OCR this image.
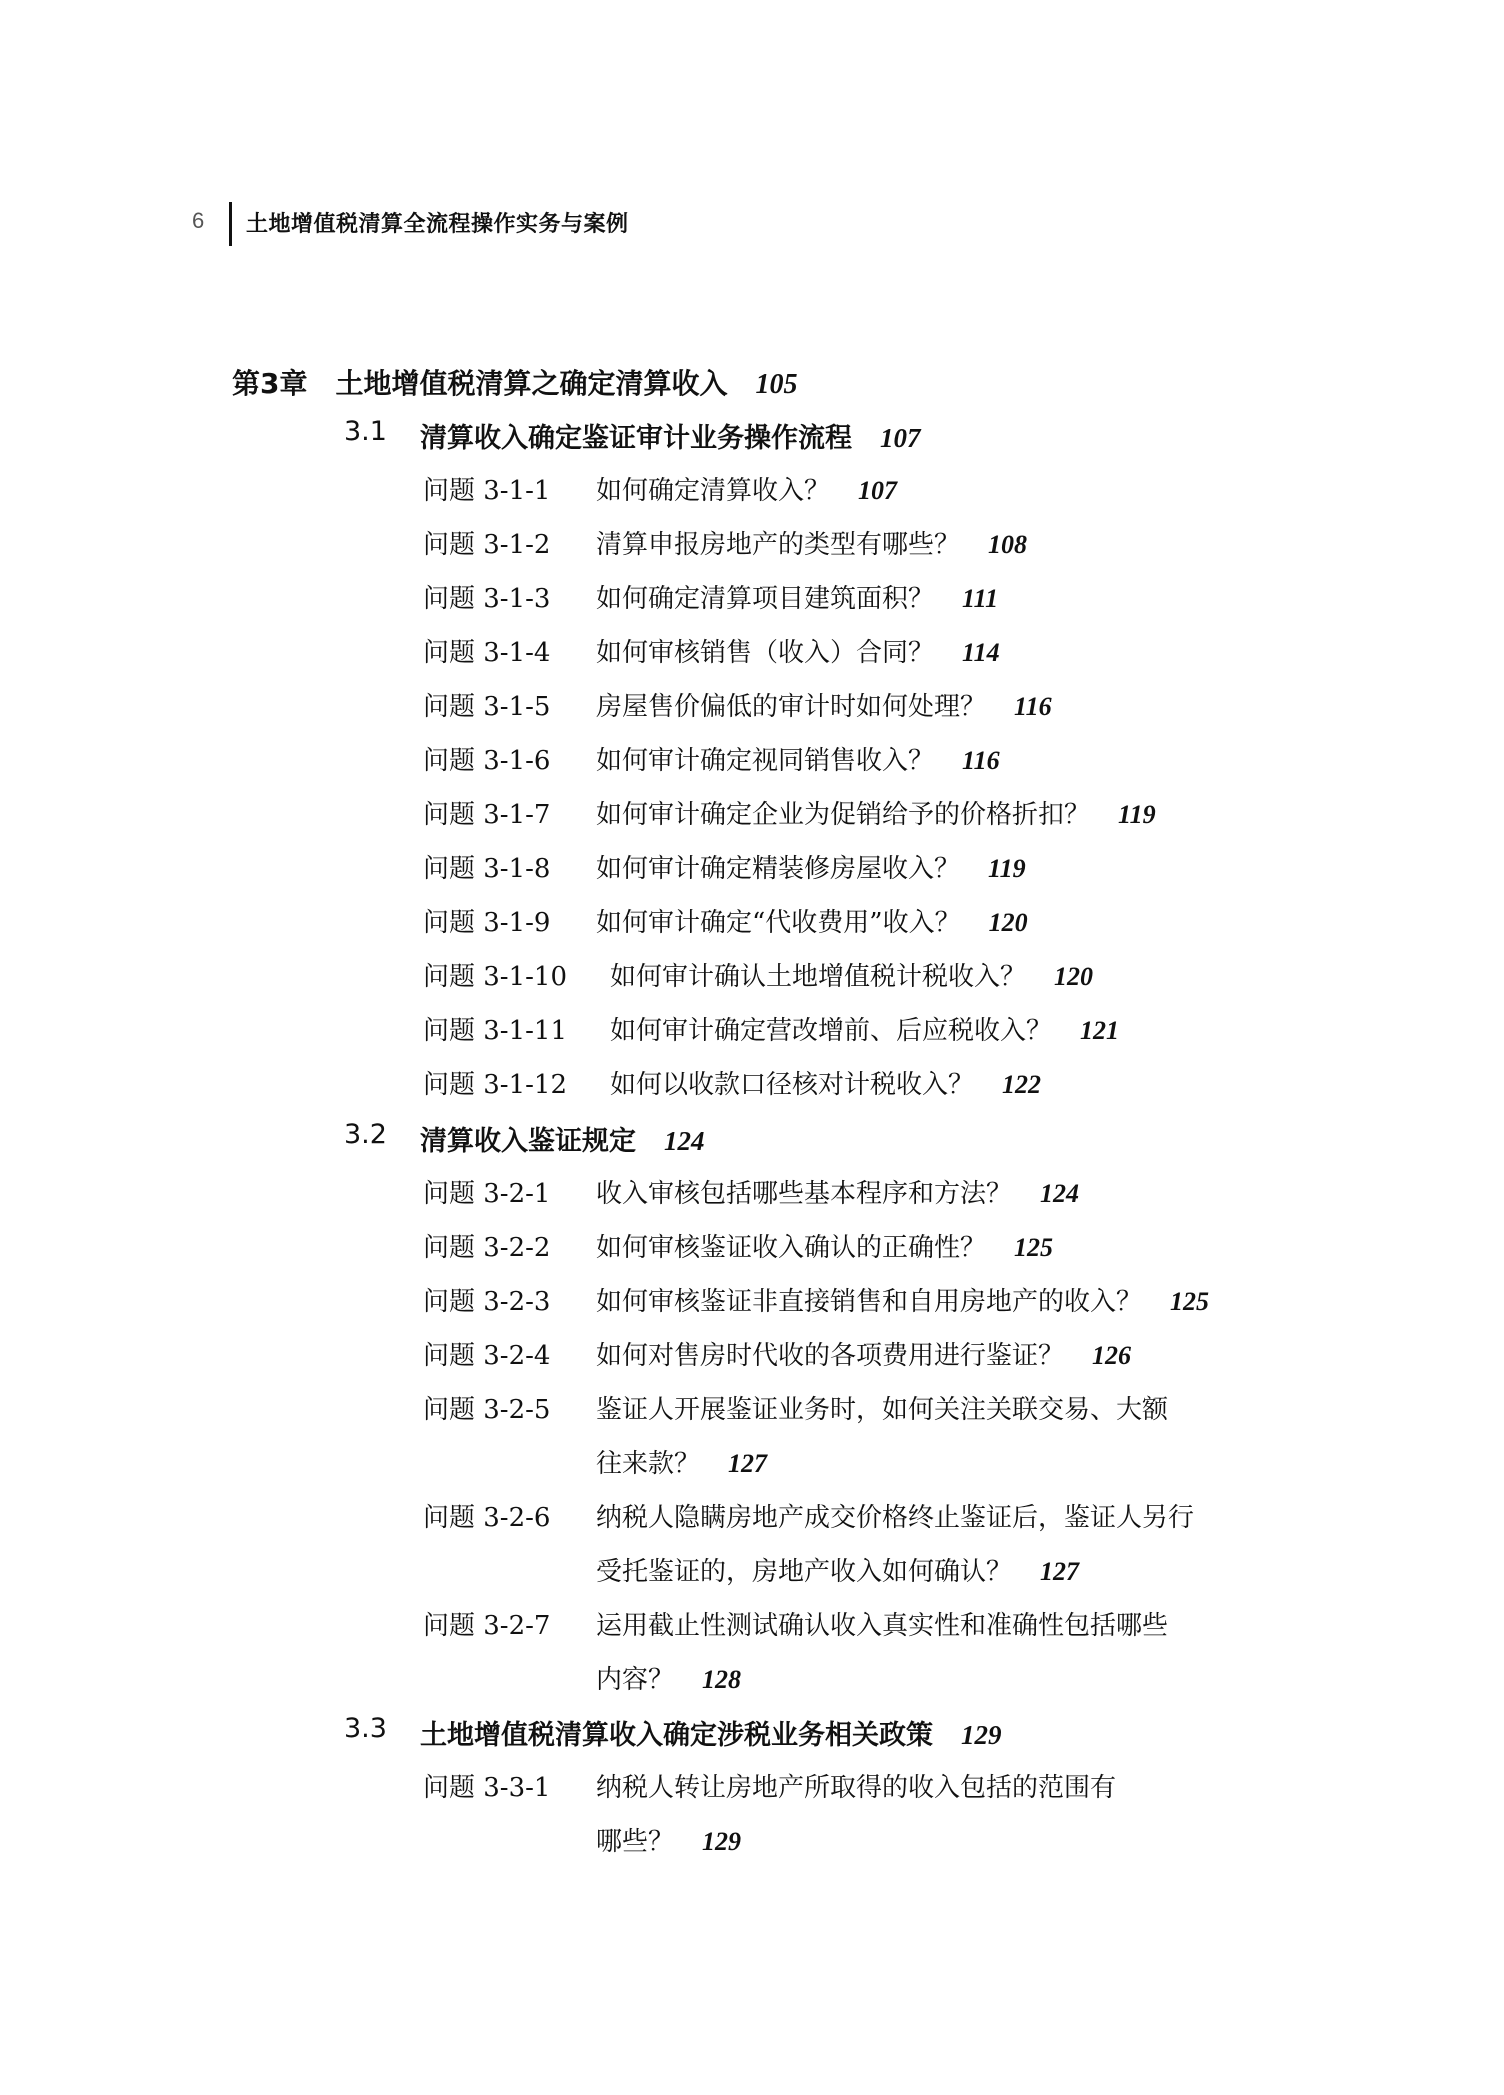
6 土地增值税清算全流程操作实务与案例
第3章 土地增值税清算之确定清算收入 105
3.1 清算收入确定鉴证审计业务操作流程 107
问题 3-1-1 如何确定清算收入？ 107
问题 3-1-2 清算申报房地产的类型有哪些？ 108
问题 3-1-3 如何确定清算项目建筑面积？ 111
问题 3-1-4 如何审核销售（收入）合同？ 114
问题 3-1-5 房屋售价偏低的审计时如何处理？ 116
问题 3-1-6 如何审计确定视同销售收入？ 116
问题 3-1-7 如何审计确定企业为促销给予的价格折扣？ 119
问题 3-1-8 如何审计确定精装修房屋收入？ 119
问题 3-1-9 如何审计确定“代收费用”收入？ 120
问题 3-1-10 如何审计确认土地增值税计税收入？ 120
问题 3-1-11 如何审计确定营改增前、后应税收入？ 121
问题 3-1-12 如何以收款口径核对计税收入？ 122
3.2 清算收入鉴证规定 124
问题 3-2-1 收入审核包括哪些基本程序和方法？ 124
问题 3-2-2 如何审核鉴证收入确认的正确性？ 125
问题 3-2-3 如何审核鉴证非直接销售和自用房地产的收入？ 125
问题 3-2-4 如何对售房时代收的各项费用进行鉴证？ 126
问题 3-2-5 鉴证人开展鉴证业务时，如何关注关联交易、大额
往来款？ 127
问题 3-2-6 纳税人隐瞒房地产成交价格终止鉴证后，鉴证人另行
受托鉴证的，房地产收入如何确认？ 127
问题 3-2-7 运用截止性测试确认收入真实性和准确性包括哪些
内容？ 128
3.3 土地增值税清算收入确定涉税业务相关政策 129
问题 3-3-1 纳税人转让房地产所取得的收入包括的范围有
哪些？ 129
